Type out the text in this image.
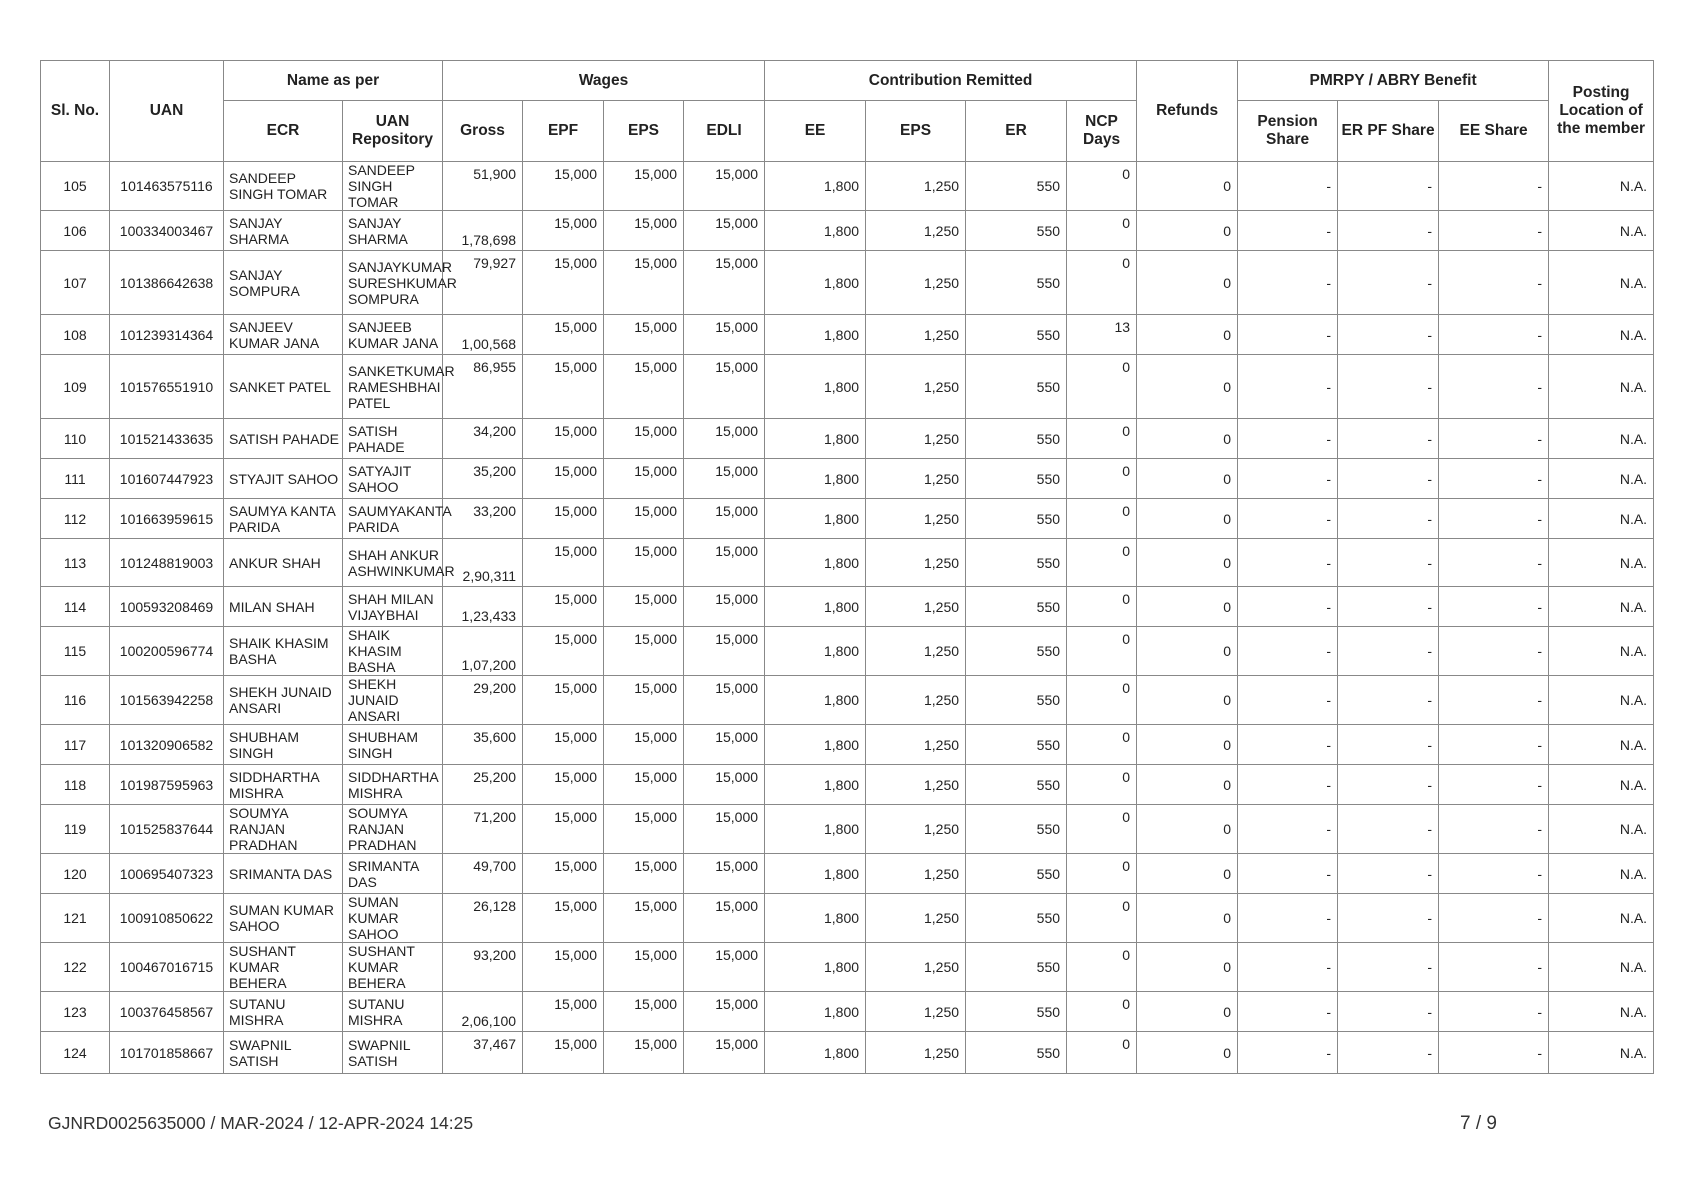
Sl. No.	UAN	Name as per		Wages				Contribution Remitted				Refunds	PMRPY / ABRY Benefit			Posting Location of the member
		ECR	UAN Repository	Gross	EPF	EPS	EDLI	EE	EPS	ER	NCP Days		Pension Share	ER PF Share	EE Share	
105	101463575116	SANDEEP SINGH TOMAR	SANDEEP SINGH TOMAR	51,900	15,000	15,000	15,000	1,800	1,250	550	0	0	-	-	-	N.A.
106	100334003467	SANJAY SHARMA	SANJAY SHARMA	1,78,698	15,000	15,000	15,000	1,800	1,250	550	0	0	-	-	-	N.A.
107	101386642638	SANJAY SOMPURA	SANJAYKUMAR SURESHKUMAR SOMPURA	79,927	15,000	15,000	15,000	1,800	1,250	550	0	0	-	-	-	N.A.
108	101239314364	SANJEEV KUMAR JANA	SANJEEB KUMAR JANA	1,00,568	15,000	15,000	15,000	1,800	1,250	550	13	0	-	-	-	N.A.
109	101576551910	SANKET PATEL	SANKETKUMAR RAMESHBHAI PATEL	86,955	15,000	15,000	15,000	1,800	1,250	550	0	0	-	-	-	N.A.
110	101521433635	SATISH PAHADE	SATISH PAHADE	34,200	15,000	15,000	15,000	1,800	1,250	550	0	0	-	-	-	N.A.
111	101607447923	STYAJIT SAHOO	SATYAJIT SAHOO	35,200	15,000	15,000	15,000	1,800	1,250	550	0	0	-	-	-	N.A.
112	101663959615	SAUMYA KANTA PARIDA	SAUMYAKANTA PARIDA	33,200	15,000	15,000	15,000	1,800	1,250	550	0	0	-	-	-	N.A.
113	101248819003	ANKUR SHAH	SHAH ANKUR ASHWINKUMAR	2,90,311	15,000	15,000	15,000	1,800	1,250	550	0	0	-	-	-	N.A.
114	100593208469	MILAN SHAH	SHAH MILAN VIJAYBHAI	1,23,433	15,000	15,000	15,000	1,800	1,250	550	0	0	-	-	-	N.A.
115	100200596774	SHAIK KHASIM BASHA	SHAIK KHASIM BASHA	1,07,200	15,000	15,000	15,000	1,800	1,250	550	0	0	-	-	-	N.A.
116	101563942258	SHEKH JUNAID ANSARI	SHEKH JUNAID ANSARI	29,200	15,000	15,000	15,000	1,800	1,250	550	0	0	-	-	-	N.A.
117	101320906582	SHUBHAM SINGH	SHUBHAM SINGH	35,600	15,000	15,000	15,000	1,800	1,250	550	0	0	-	-	-	N.A.
118	101987595963	SIDDHARTHA MISHRA	SIDDHARTHA MISHRA	25,200	15,000	15,000	15,000	1,800	1,250	550	0	0	-	-	-	N.A.
119	101525837644	SOUMYA RANJAN PRADHAN	SOUMYA RANJAN PRADHAN	71,200	15,000	15,000	15,000	1,800	1,250	550	0	0	-	-	-	N.A.
120	100695407323	SRIMANTA DAS	SRIMANTA DAS	49,700	15,000	15,000	15,000	1,800	1,250	550	0	0	-	-	-	N.A.
121	100910850622	SUMAN KUMAR SAHOO	SUMAN KUMAR SAHOO	26,128	15,000	15,000	15,000	1,800	1,250	550	0	0	-	-	-	N.A.
122	100467016715	SUSHANT KUMAR BEHERA	SUSHANT KUMAR BEHERA	93,200	15,000	15,000	15,000	1,800	1,250	550	0	0	-	-	-	N.A.
123	100376458567	SUTANU MISHRA	SUTANU MISHRA	2,06,100	15,000	15,000	15,000	1,800	1,250	550	0	0	-	-	-	N.A.
124	101701858667	SWAPNIL SATISH	SWAPNIL SATISH	37,467	15,000	15,000	15,000	1,800	1,250	550	0	0	-	-	-	N.A.
GJNRD0025635000 / MAR-2024 / 12-APR-2024 14:25	7 / 9
